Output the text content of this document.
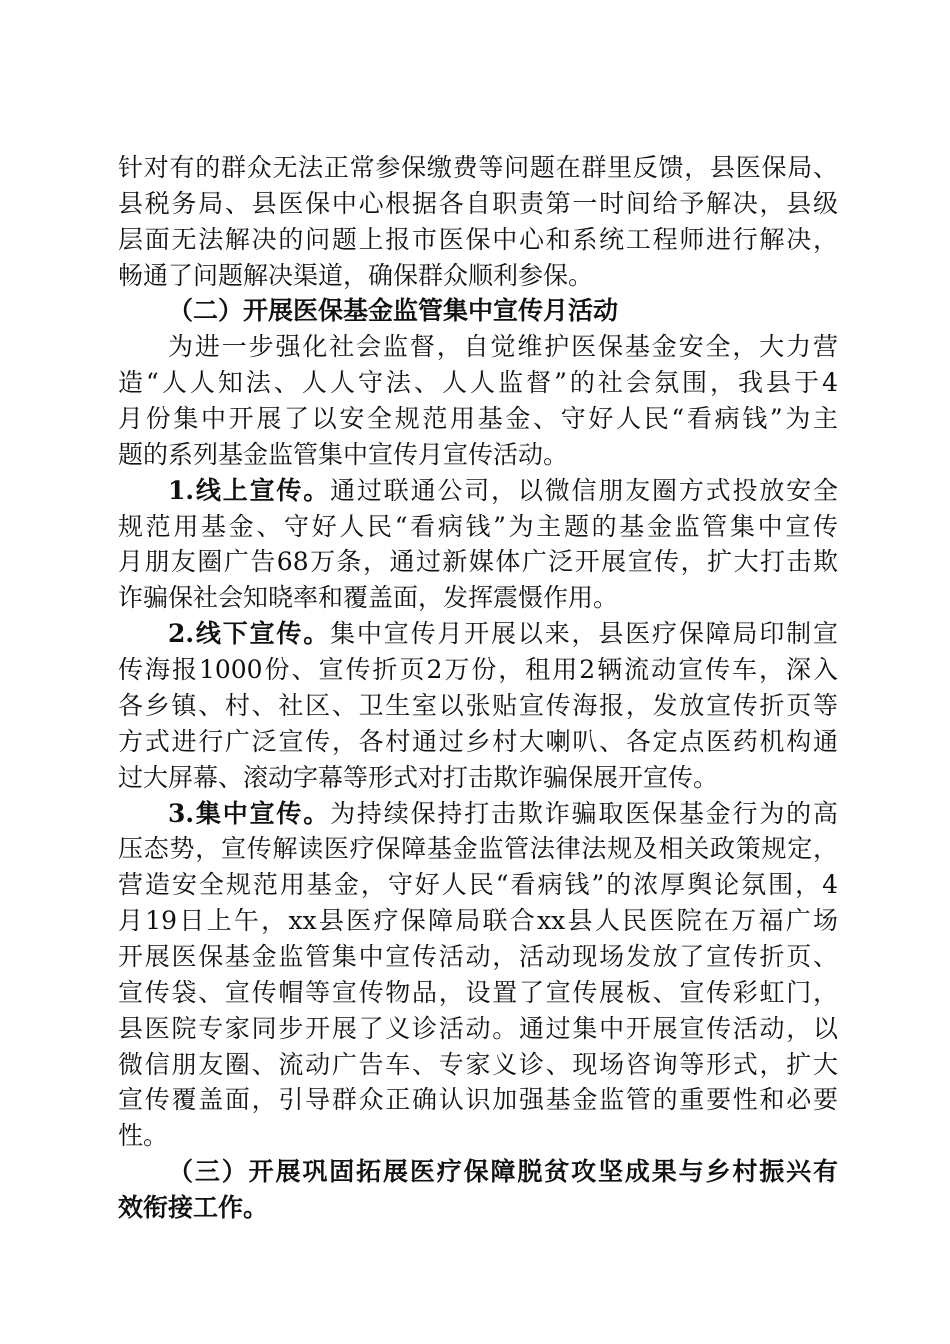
针对有的群众无法正常参保缴费等问题在群里反馈，县医保局、
县税务局、县医保中心根据各自职责第一时间给予解决，县级
层面无法解决的问题上报市医保中心和系统工程师进行解决，
畅通了问题解决渠道，确保群众顺利参保。
（二）开展医保基金监管集中宣传月活动
为进一步强化社会监督，自觉维护医保基金安全，大力营
造“人人知法、人人守法、人人监督”的社会氛围，我县于4
月份集中开展了以安全规范用基金、守好人民“看病钱”为主
题的系列基金监管集中宣传月宣传活动。
1.线上宣传。通过联通公司，以微信朋友圈方式投放安全
规范用基金、守好人民“看病钱”为主题的基金监管集中宣传
月朋友圈广告68万条，通过新媒体广泛开展宣传，扩大打击欺
诈骗保社会知晓率和覆盖面，发挥震慑作用。
2.线下宣传。集中宣传月开展以来，县医疗保障局印制宣
传海报1000份、宣传折页2万份，租用2辆流动宣传车，深入
各乡镇、村、社区、卫生室以张贴宣传海报，发放宣传折页等
方式进行广泛宣传，各村通过乡村大喇叭、各定点医药机构通
过大屏幕、滚动字幕等形式对打击欺诈骗保展开宣传。
3.集中宣传。为持续保持打击欺诈骗取医保基金行为的高
压态势，宣传解读医疗保障基金监管法律法规及相关政策规定，
营造安全规范用基金，守好人民“看病钱”的浓厚舆论氛围，4
月19日上午，xx县医疗保障局联合xx县人民医院在万福广场
开展医保基金监管集中宣传活动，活动现场发放了宣传折页、
宣传袋、宣传帽等宣传物品，设置了宣传展板、宣传彩虹门，
县医院专家同步开展了义诊活动。通过集中开展宣传活动，以
微信朋友圈、流动广告车、专家义诊、现场咨询等形式，扩大
宣传覆盖面，引导群众正确认识加强基金监管的重要性和必要
性。
（三）开展巩固拓展医疗保障脱贫攻坚成果与乡村振兴有
效衔接工作。
